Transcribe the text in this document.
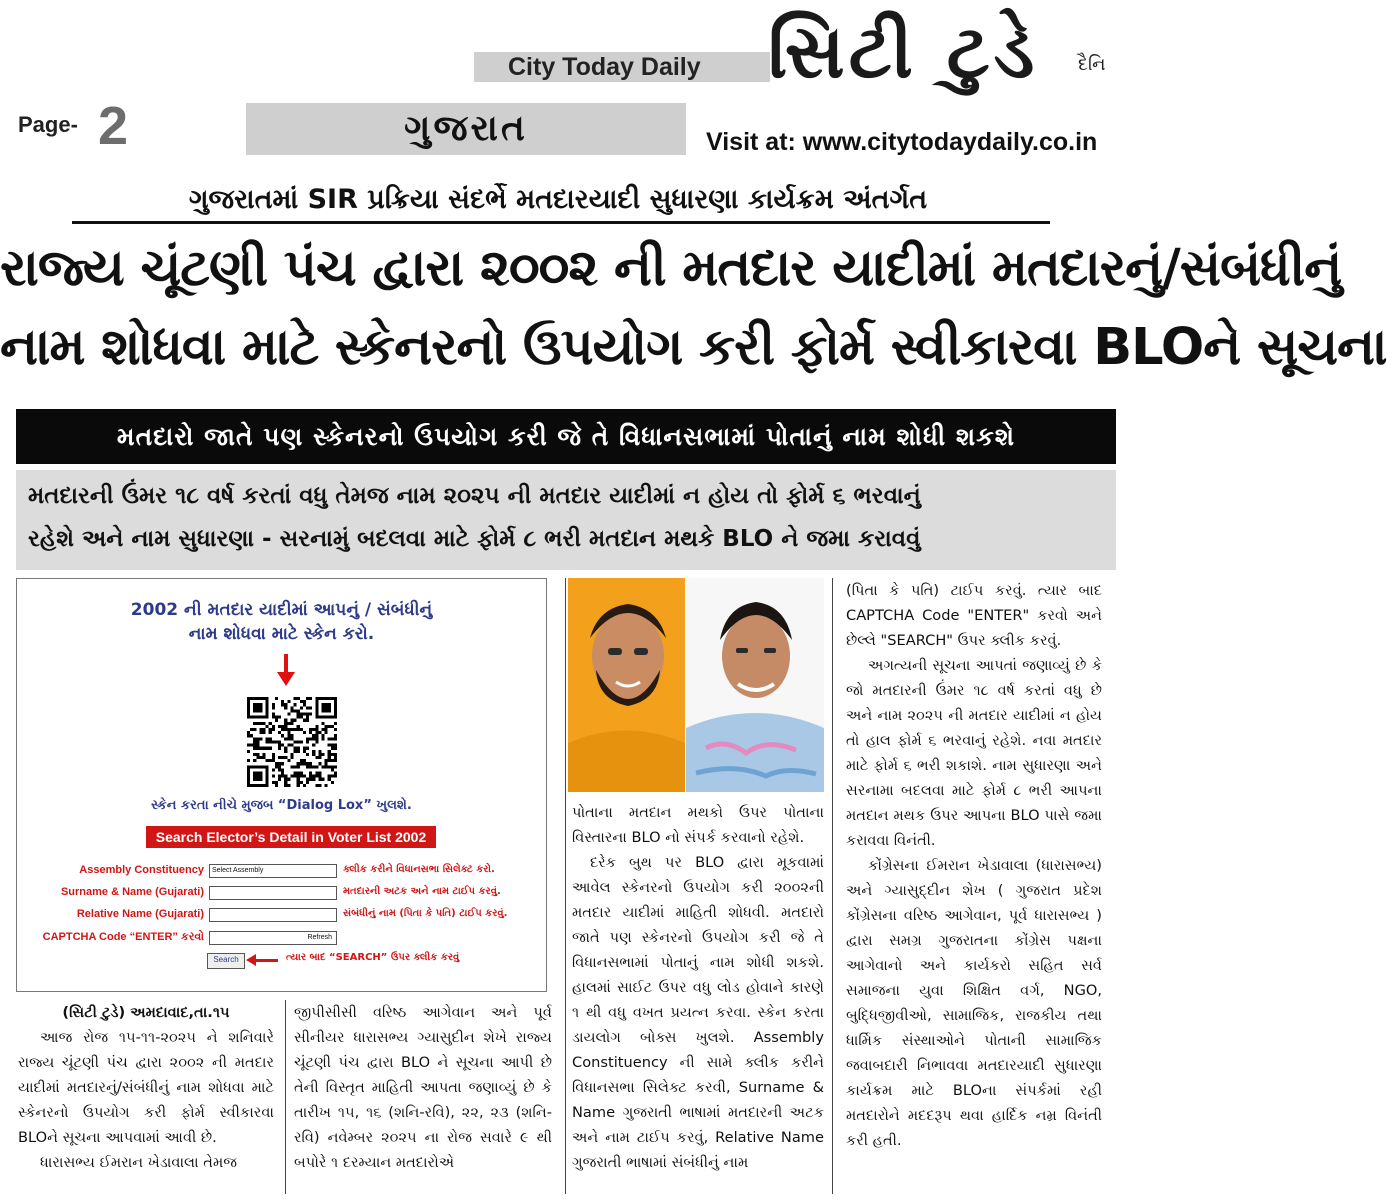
City Today Daily સિટી ટુડે દૈનિ
Page- 2	ગુજરાત	Visit at: www.citytodaydaily.co.in
ગુજરાતમાં SIR પ્રક્રિયા સંદર્ભે મતદારયાદી સુધારણા કાર્યક્રમ અંતર્ગત
રાજ્ય ચૂંટણી પંચ દ્વારા ૨૦૦૨ ની મતદાર યાદીમાં મતદારનું/સંબંધીનું
નામ શોધવા માટે સ્કેનરનો ઉપયોગ કરી ફોર્મ સ્વીકારવા BLOને સૂચના
મતદારો જાતે પણ સ્કેનરનો ઉપયોગ કરી જે તે વિધાનસભામાં પોતાનું નામ શોધી શકશે
મતદારની ઉંમર ૧૮ વર્ષ કરતાં વધુ તેમજ નામ ૨૦૨૫ ની મતદાર યાદીમાં ન હોય તો ફોર્મ ૬ ભરવાનું
રહેશે અને નામ સુધારણા - સરનામું બદલવા માટે ફોર્મ ૮ ભરી મતદાન મથકે BLO ને જમા કરાવવું
2002 ની મતદાર યાદીમાં આપનું / સંબંધીનું
નામ શોધવા માટે સ્કેન કરો.
સ્કેન કરતા નીચે મુજબ “Dialog Lox” ખુલશે.
Search Elector’s Detail in Voter List 2002
Assembly Constituency	Select Assembly	ક્લીક કરીને વિધાનસભા સિલેક્ટ કરો.
Surname & Name (Gujarati)	મતદારની અટક અને નામ ટાઈપ કરવું.
Relative Name (Gujarati)	સંબંધીનું નામ (પિતા કે પતિ) ટાઈપ કરવું.
CAPTCHA Code “ENTER” કરવો	Refresh
Search	ત્યાર બાદ “SEARCH” ઉપર ક્લીક કરવું
(સિટી ટુડે) અમદાવાદ,તા.૧૫
આજ રોજ ૧૫-૧૧-૨૦૨૫ ને શનિવારે રાજ્ય ચૂંટણી પંચ દ્વારા ૨૦૦૨ ની મતદાર યાદીમાં મતદારનું/સંબંધીનું નામ શોધવા માટે સ્કેનરનો ઉપયોગ કરી ફોર્મ સ્વીકારવા BLOને સૂચના આપવામાં આવી છે.
ધારાસભ્ય ઈમરાન ખેડાવાલા તેમજ
જીપીસીસી વરિષ્ઠ આગેવાન અને પૂર્વ સીનીયર ધારાસભ્ય ગ્યાસુદીન શેખે રાજ્ય ચૂંટણી પંચ દ્વારા BLO ને સૂચના આપી છે તેની વિસ્તૃત માહિતી આપતા જણાવ્યું છે કે તારીખ ૧૫, ૧૬ (શનિ-રવિ), ૨૨, ૨૩ (શનિ-રવિ) નવેમ્બર ૨૦૨૫ ના રોજ સવારે ૯ થી બપોરે ૧ દરમ્યાન મતદારોએ
પોતાના મતદાન મથકો ઉપર પોતાના વિસ્તારના BLO નો સંપર્ક કરવાનો રહેશે.
દરેક બુથ પર BLO દ્વારા મૂકવામાં આવેલ સ્કેનરનો ઉપયોગ કરી ૨૦૦૨ની મતદાર યાદીમાં માહિતી શોધવી. મતદારો જાતે પણ સ્કેનરનો ઉપયોગ કરી જે તે વિધાનસભામાં પોતાનું નામ શોધી શકશે. હાલમાં સાઈટ ઉપર વધુ લોડ હોવાને કારણે ૧ થી વધુ વખત પ્રયત્ન કરવા. સ્કેન કરતા ડાયલોગ બોક્સ ખુલશે. Assembly Constituency ની સામે ક્લીક કરીને વિધાનસભા સિલેક્ટ કરવી, Surname & Name ગુજરાતી ભાષામાં મતદારની અટક અને નામ ટાઈપ કરવું, Relative Name ગુજરાતી ભાષામાં સંબંધીનું નામ
(પિતા કે પતિ) ટાઈપ કરવું. ત્યાર બાદ CAPTCHA Code "ENTER" કરવો અને છેલ્લે "SEARCH" ઉપર ક્લીક કરવું.
અગત્યની સૂચના આપતાં જણાવ્યું છે કે જો મતદારની ઉંમર ૧૮ વર્ષ કરતાં વધુ છે અને નામ ૨૦૨૫ ની મતદાર યાદીમાં ન હોય તો હાલ ફોર્મ ૬ ભરવાનું રહેશે. નવા મતદાર માટે ફોર્મ ૬ ભરી શકાશે. નામ સુધારણા અને સરનામા બદલવા માટે ફોર્મ ૮ ભરી આપના મતદાન મથક ઉપર આપના BLO પાસે જમા કરાવવા વિનંતી.
કોંગ્રેસના ઈમરાન ખેડાવાલા (ધારાસભ્ય) અને ગ્યાસુદ્દીન શેખ ( ગુજરાત પ્રદેશ કોંગ્રેસના વરિષ્ઠ આગેવાન, પૂર્વ ધારાસભ્ય ) દ્વારા સમગ્ર ગુજરાતના કોંગ્રેસ પક્ષના આગેવાનો અને કાર્યકરો સહિત સર્વ સમાજના યુવા શિક્ષિત વર્ગ, NGO, બુદ્ધિજીવીઓ, સામાજિક, રાજકીય તથા ધાર્મિક સંસ્થાઓને પોતાની સામાજિક જવાબદારી નિભાવવા મતદારયાદી સુધારણા કાર્યક્રમ માટે BLOના સંપર્કમાં રહી મતદારોને મદદરૂપ થવા હાર્દિક નમ્ર વિનંતી કરી હતી.
